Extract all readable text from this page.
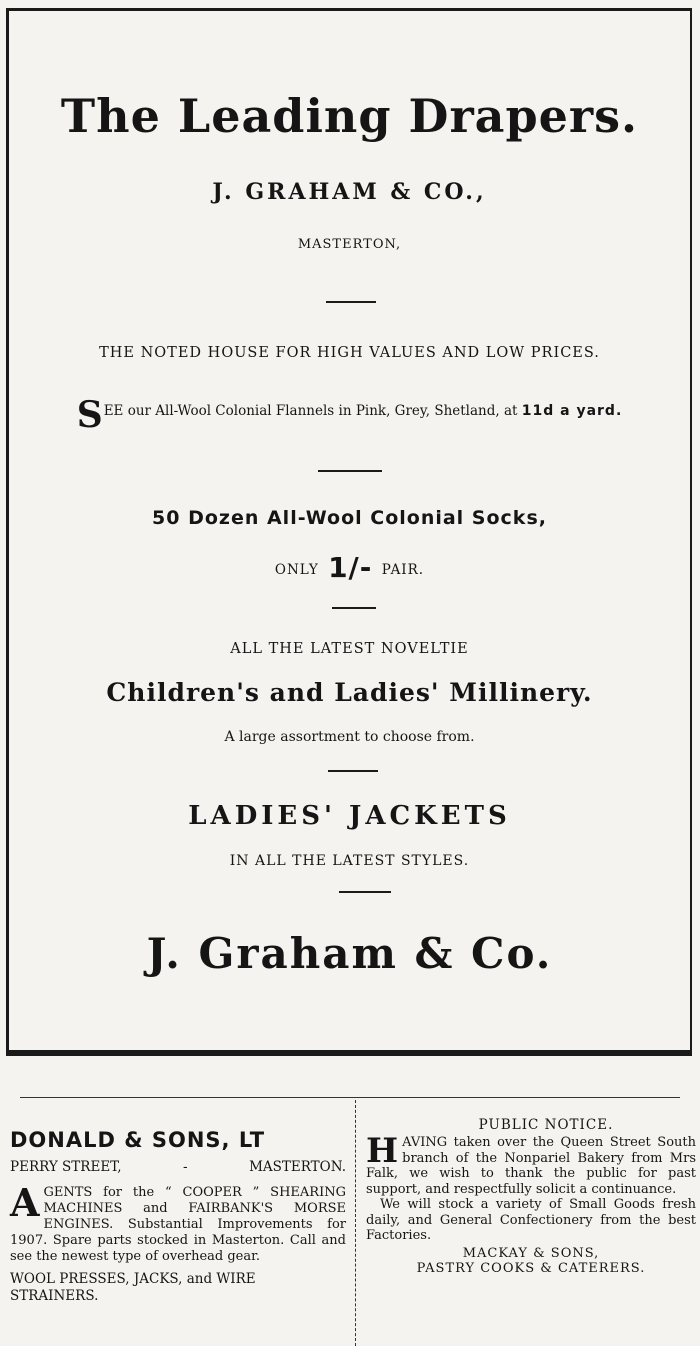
The Leading Drapers.
J. GRAHAM & CO.,
MASTERTON,
THE NOTED HOUSE FOR HIGH VALUES AND LOW PRICES.
SEE our All-Wool Colonial Flannels in Pink, Grey, Shetland, at 11d a yard.
50 Dozen All-Wool Colonial Socks,
ONLY 1/- PAIR.
ALL THE LATEST NOVELTIE
Children's and Ladies' Millinery.
A large assortment to choose from.
LADIES' JACKETS
IN ALL THE LATEST STYLES.
J. Graham & Co.
DONALD & SONS, LT
PERRY STREET,	-	MASTERTON.
AGENTS for the “ COOPER ” SHEARING MACHINES and FAIRBANK'S MORSE ENGINES. Substantial Improvements for 1907. Spare parts stocked in Masterton. Call and see the newest type of overhead gear.
WOOL PRESSES, JACKS, and WIRE STRAINERS.
PUBLIC NOTICE.
HAVING taken over the Queen Street South branch of the Nonpariel Bakery from Mrs Falk, we wish to thank the public for past support, and respectfully solicit a continuance.
We will stock a variety of Small Goods fresh daily, and General Confectionery from the best Factories.
MACKAY & SONS,
PASTRY COOKS & CATERERS.
